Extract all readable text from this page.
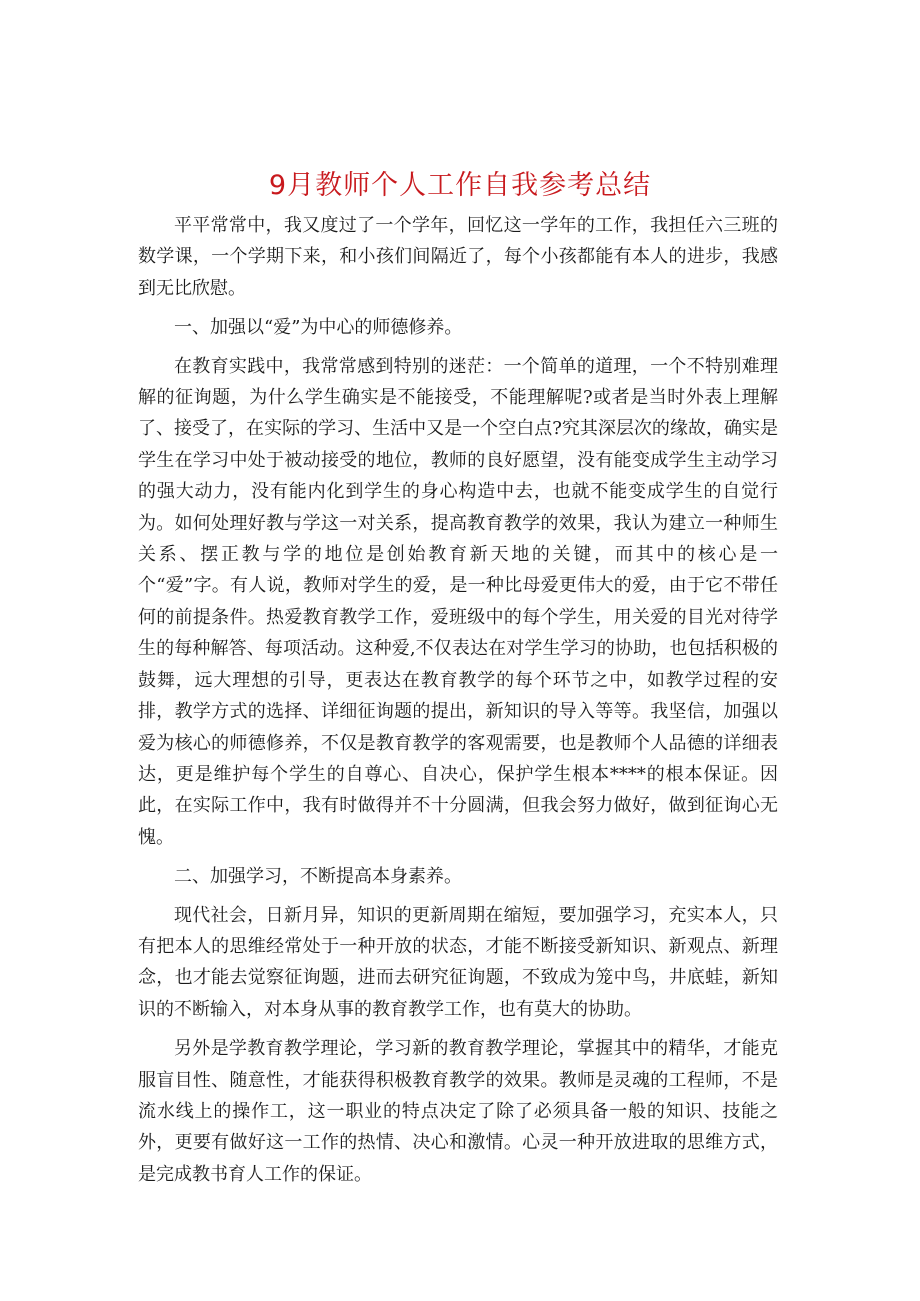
9月教师个人工作自我参考总结

平平常常中，我又度过了一个学年，回忆这一学年的工作，我担任六三班的数学课，一个学期下来，和小孩们间隔近了，每个小孩都能有本人的进步，我感到无比欣慰。

一、加强以“爱”为中心的师德修养。

在教育实践中，我常常感到特别的迷茫：一个简单的道理，一个不特别难理解的征询题，为什么学生确实是不能接受，不能理解呢?或者是当时外表上理解了、接受了，在实际的学习、生活中又是一个空白点?究其深层次的缘故，确实是学生在学习中处于被动接受的地位，教师的良好愿望，没有能变成学生主动学习的强大动力，没有能内化到学生的身心构造中去，也就不能变成学生的自觉行为。如何处理好教与学这一对关系，提高教育教学的效果，我认为建立一种师生关系、摆正教与学的地位是创始教育新天地的关键，而其中的核心是一个“爱”字。有人说，教师对学生的爱，是一种比母爱更伟大的爱，由于它不带任何的前提条件。热爱教育教学工作，爱班级中的每个学生，用关爱的目光对待学生的每种解答、每项活动。这种爱,不仅表达在对学生学习的协助，也包括积极的鼓舞，远大理想的引导，更表达在教育教学的每个环节之中，如教学过程的安排，教学方式的选择、详细征询题的提出，新知识的导入等等。我坚信，加强以爱为核心的师德修养，不仅是教育教学的客观需要，也是教师个人品德的详细表达，更是维护每个学生的自尊心、自决心，保护学生根本****的根本保证。因此，在实际工作中，我有时做得并不十分圆满，但我会努力做好，做到征询心无愧。

二、加强学习，不断提高本身素养。

现代社会，日新月异，知识的更新周期在缩短，要加强学习，充实本人，只有把本人的思维经常处于一种开放的状态，才能不断接受新知识、新观点、新理念，也才能去觉察征询题，进而去研究征询题，不致成为笼中鸟，井底蛙，新知识的不断输入，对本身从事的教育教学工作，也有莫大的协助。

另外是学教育教学理论，学习新的教育教学理论，掌握其中的精华，才能克服盲目性、随意性，才能获得积极教育教学的效果。教师是灵魂的工程师，不是流水线上的操作工，这一职业的特点决定了除了必须具备一般的知识、技能之外，更要有做好这一工作的热情、决心和激情。心灵一种开放进取的思维方式，是完成教书育人工作的保证。
